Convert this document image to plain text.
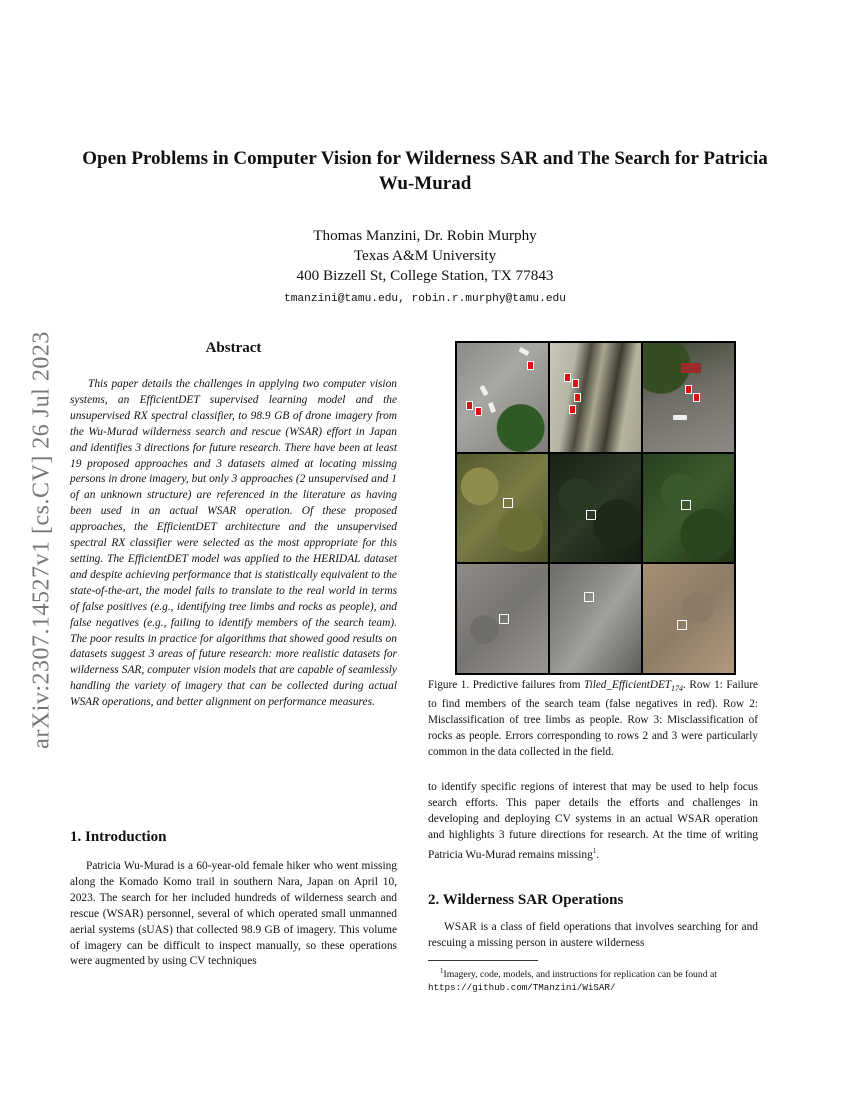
arXiv:2307.14527v1 [cs.CV] 26 Jul 2023
Open Problems in Computer Vision for Wilderness SAR and The Search for Patricia Wu-Murad
Thomas Manzini, Dr. Robin Murphy
Texas A&M University
400 Bizzell St, College Station, TX 77843
tmanzini@tamu.edu, robin.r.murphy@tamu.edu
Abstract

This paper details the challenges in applying two computer vision systems, an EfficientDET supervised learning model and the unsupervised RX spectral classifier, to 98.9 GB of drone imagery from the Wu-Murad wilderness search and rescue (WSAR) effort in Japan and identifies 3 directions for future research. There have been at least 19 proposed approaches and 3 datasets aimed at locating missing persons in drone imagery, but only 3 approaches (2 unsupervised and 1 of an unknown structure) are referenced in the literature as having been used in an actual WSAR operation. Of these proposed approaches, the EfficientDET architecture and the unsupervised spectral RX classifier were selected as the most appropriate for this setting. The EfficientDET model was applied to the HERIDAL dataset and despite achieving performance that is statistically equivalent to the state-of-the-art, the model fails to translate to the real world in terms of false positives (e.g., identifying tree limbs and rocks as people), and false negatives (e.g., failing to identify members of the search team). The poor results in practice for algorithms that showed good results on datasets suggest 3 areas of future research: more realistic datasets for wilderness SAR, computer vision models that are capable of seamlessly handling the variety of imagery that can be collected during actual WSAR operations, and better alignment on performance measures.

1. Introduction

Patricia Wu-Murad is a 60-year-old female hiker who went missing along the Komado Komo trail in southern Nara, Japan on April 10, 2023. The search for her included hundreds of wilderness search and rescue (WSAR) personnel, several of which operated small unmanned aerial systems (sUAS) that collected 98.9 GB of imagery. This volume of imagery can be difficult to inspect manually, so these operations were augmented by using CV techniques

Figure 1. Predictive failures from Tiled_EfficientDET$_{174}$. Row 1: Failure to find members of the search team (false negatives in red). Row 2: Misclassification of tree limbs as people. Row 3: Misclassification of rocks as people. Errors corresponding to rows 2 and 3 were particularly common in the data collected in the field.

to identify specific regions of interest that may be used to help focus search efforts. This paper details the efforts and challenges in developing and deploying CV systems in an actual WSAR operation and highlights 3 future directions for research. At the time of writing Patricia Wu-Murad remains missing$^1$.

2. Wilderness SAR Operations

WSAR is a class of field operations that involves searching for and rescuing a missing person in austere wilderness

$^1$Imagery, code, models, and instructions for replication can be found at https://github.com/TManzini/WiSAR/
